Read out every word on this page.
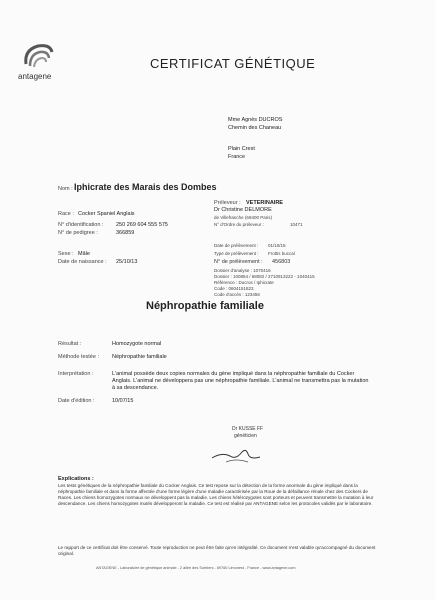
antagene
CERTIFICAT GÉNÉTIQUE
Mme Agnès DUCROS
Chemin des Chaneau
Plain Crest
France
Nom : Iphicrate des Marais des Dombes
Race : Cocker Spaniel Anglais
N° d'identification : 250 269 604 555 575
N° de pedigree :	366859
Sexe : Mâle
Date de naissance : 25/10/13
Préleveur : VETERINAIRE
Dr Christine DELMORE
de Villefranche (69400 Paris)
N° d'Ordre du préleveur :	10471
Date de prélèvement : 01/10/15
Type de prélèvement : Frottis buccal
N° de prélèvement : 456803
Dossier d'analyse : 1070416
Dossier : 100854 / 68082 / 2710913222 - 1040415
Référence : Ducros / Iphicrate
Code : 0604151823
Code d'accès : 123456
Néphropathie familiale
Résultat :	Homozygote normal
Méthode testée : Néphropathie familiale
Interprétation :	L'animal possède deux copies normales du gène impliqué dans la néphropathie familiale du Cocker Anglais. L'animal ne développera pas une néphropathie familiale. L'animal ne transmettra pas la mutation à sa descendance.
Date d'édition :	10/07/15
Dr KUSSE FF
généticien
Explications :
Les tests génétiques de la néphropathie familiale du Cocker Anglais. Ce test repose sur la détection de la forme anormale du gène impliqué dans la néphropathie familiale et dans la forme affectée d'une forme légère d'une maladie caractérisée par la Roue de la défaillance rénale chez des Cockers de Races. Les chiens homozygotes normaux ne développent pas la maladie. Les chiens hétérozygotes sont porteurs et peuvent transmettre la mutation à leur descendance. Les chiens homozygotes mutés développeront la maladie. Ce test est réalisé par ANTAGENE selon les protocoles validés par le laboratoire.
Le rapport de ce certificat doit être conservé. Toute reproduction ne peut être faite qu'en intégralité. Ce document n'est valable qu'accompagné du document original.
ANTAGENE - Laboratoire de génétique animale - 2 allée des Sorbiers - 69760 Limonest - France - www.antagene.com
